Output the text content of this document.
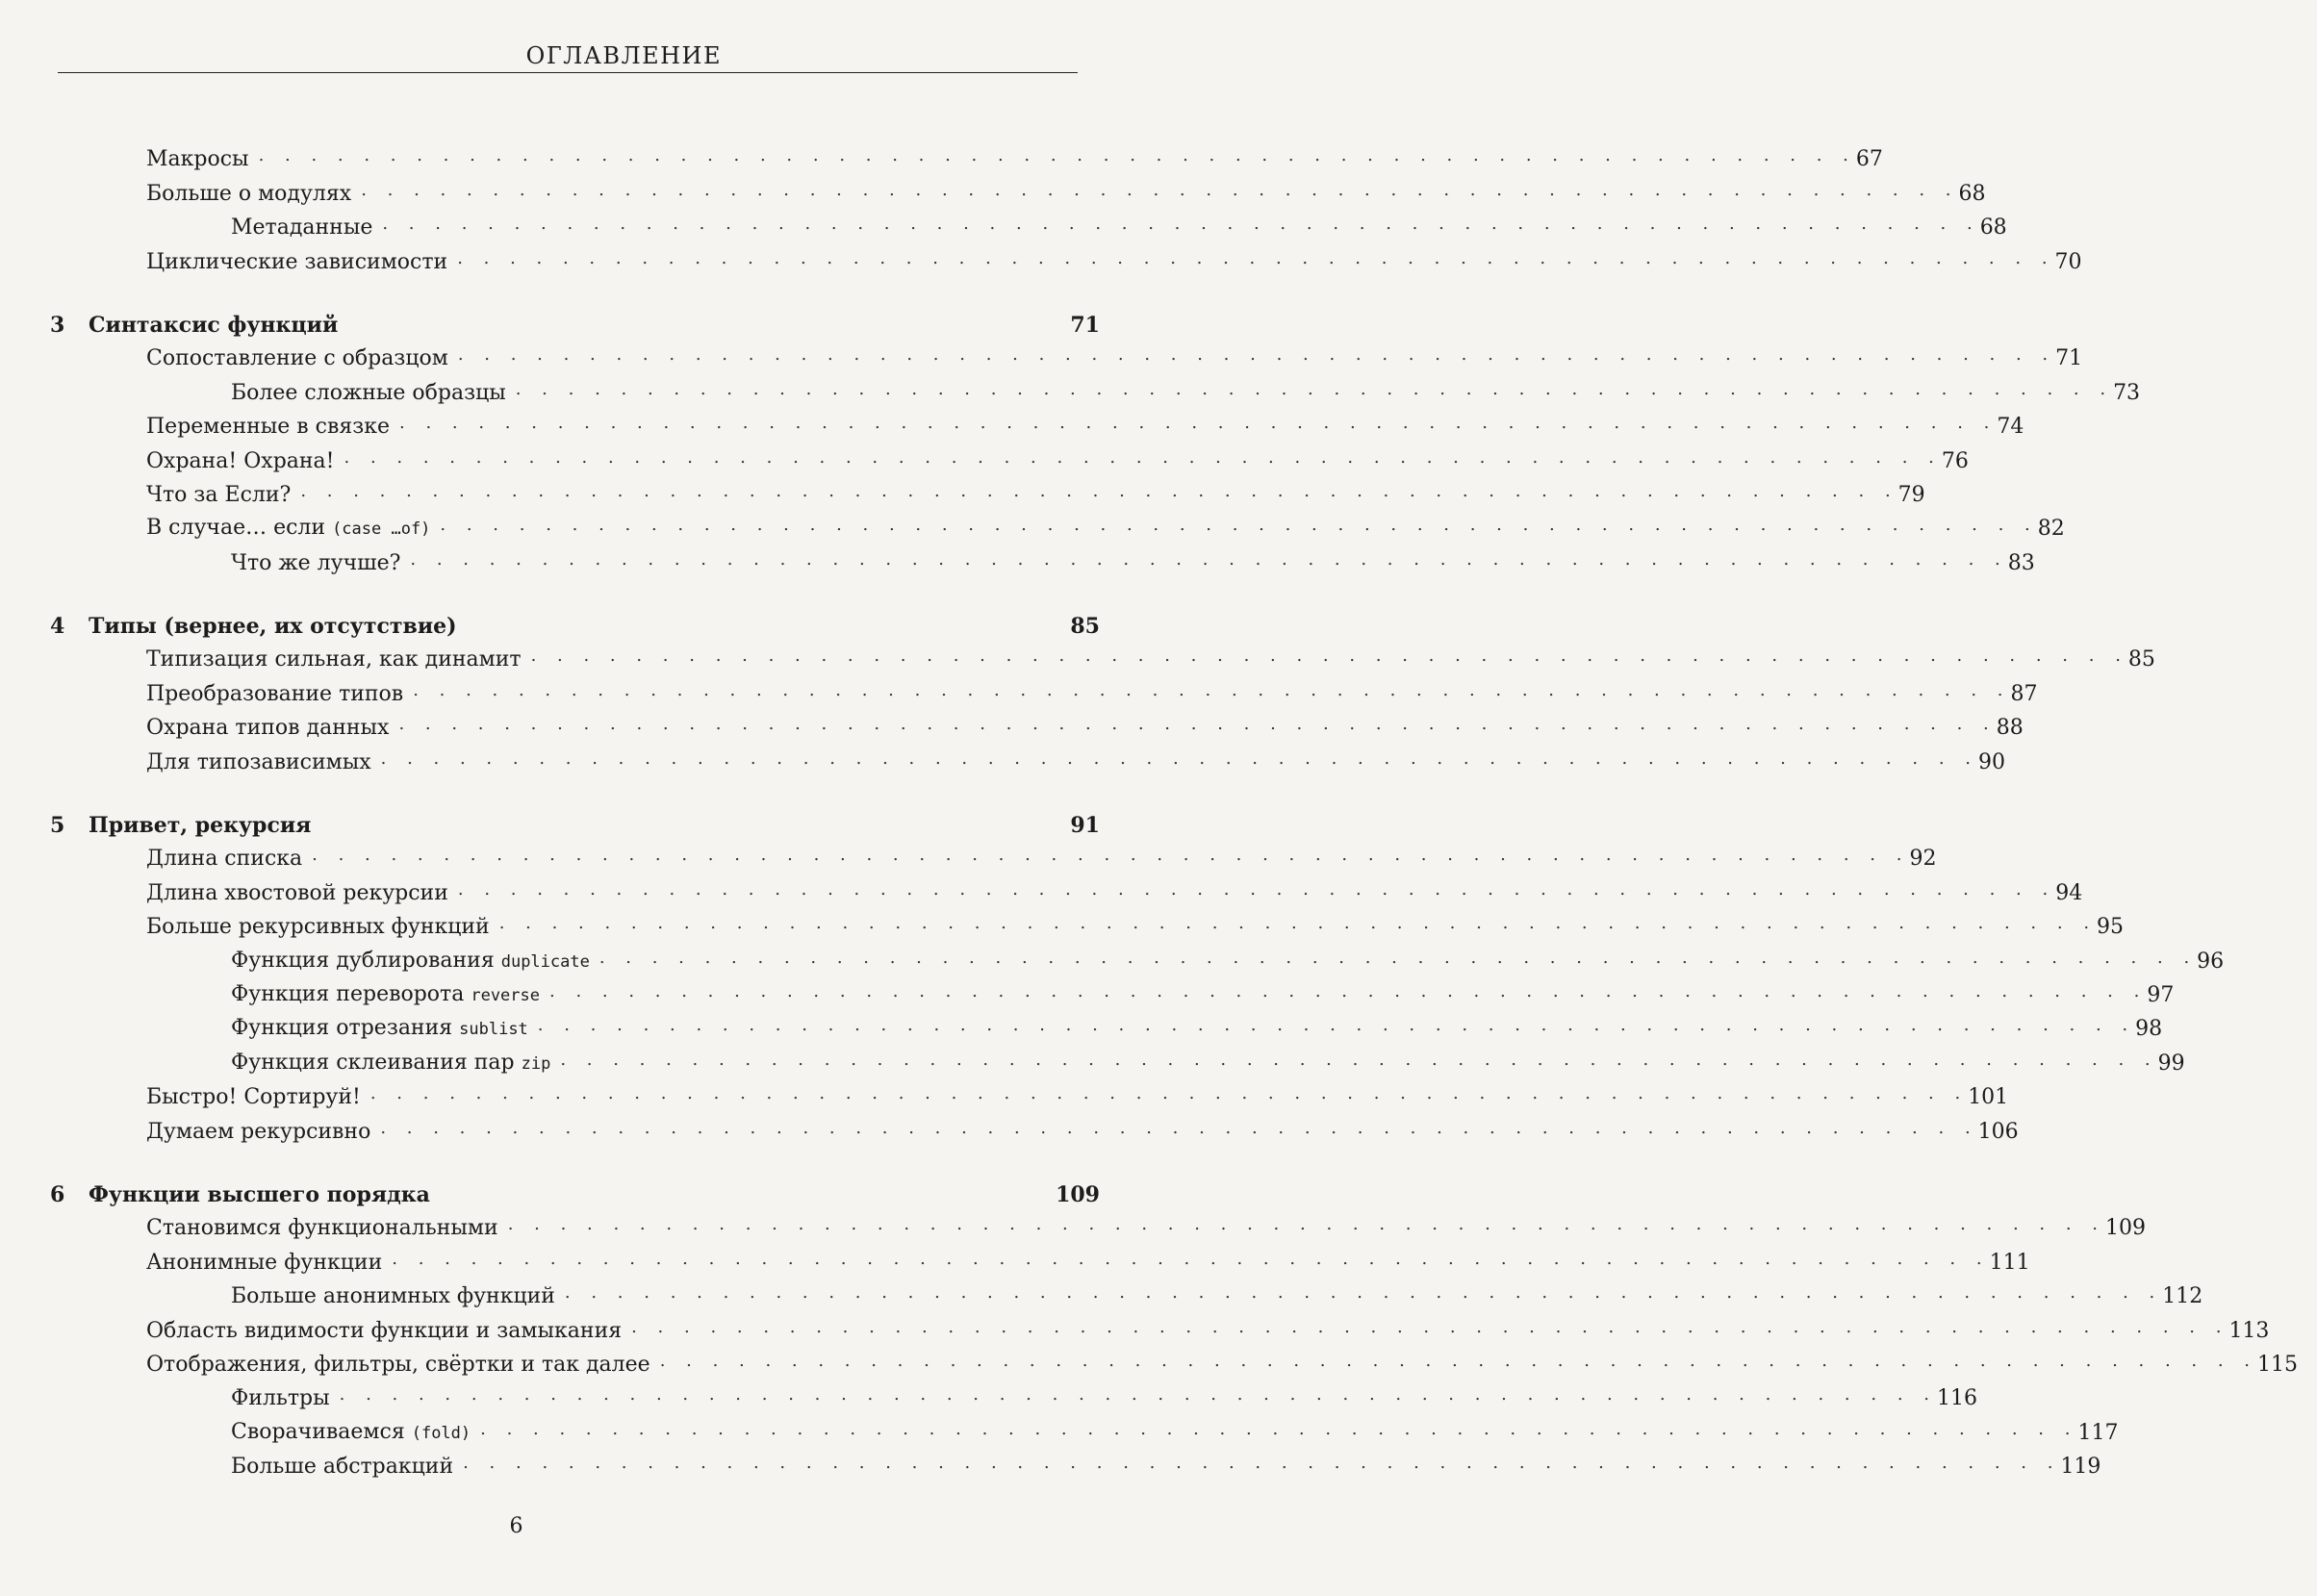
ОГЛАВЛЕНИЕ
Макросы . . . . . . . . . . . . . . . . . . . . . . . . . . . . . . . . . . . . . . . . . . . . . . . . . . . . . . . . . . . . . 67
Больше о модулях . . . . . . . . . . . . . . . . . . . . . . . . . . . . . . . . . . . . . . . . . . . . . . . . . . . . . . . . . . . . . 68
Метаданные . . . . . . . . . . . . . . . . . . . . . . . . . . . . . . . . . . . . . . . . . . . . . . . . . . . . . . . . . . . . . 68
Циклические зависимости . . . . . . . . . . . . . . . . . . . . . . . . . . . . . . . . . . . . . . . . . . . . . . . . . . . . . . . . . . . . . 70
3	Синтаксис функций	71
Сопоставление с образцом . . . . . . . . . . . . . . . . . . . . . . . . . . . . . . . . . . . . . . . . . . . . . . . . . . . . . . . . . . . . . 71
Более сложные образцы . . . . . . . . . . . . . . . . . . . . . . . . . . . . . . . . . . . . . . . . . . . . . . . . . . . . . . . . . . . . . 73
Переменные в связке . . . . . . . . . . . . . . . . . . . . . . . . . . . . . . . . . . . . . . . . . . . . . . . . . . . . . . . . . . . . . 74
Охрана! Охрана! . . . . . . . . . . . . . . . . . . . . . . . . . . . . . . . . . . . . . . . . . . . . . . . . . . . . . . . . . . . . . 76
Что за Если? . . . . . . . . . . . . . . . . . . . . . . . . . . . . . . . . . . . . . . . . . . . . . . . . . . . . . . . . . . . . . 79
В случае… если (case …of) . . . . . . . . . . . . . . . . . . . . . . . . . . . . . . . . . . . . . . . . . . . . . . . . . . . . . . . . . . . . . 82
Что же лучше? . . . . . . . . . . . . . . . . . . . . . . . . . . . . . . . . . . . . . . . . . . . . . . . . . . . . . . . . . . . . . 83
4	Типы (вернее, их отсутствие)	85
Типизация сильная, как динамит . . . . . . . . . . . . . . . . . . . . . . . . . . . . . . . . . . . . . . . . . . . . . . . . . . . . . . . . . . . . . 85
Преобразование типов . . . . . . . . . . . . . . . . . . . . . . . . . . . . . . . . . . . . . . . . . . . . . . . . . . . . . . . . . . . . . 87
Охрана типов данных . . . . . . . . . . . . . . . . . . . . . . . . . . . . . . . . . . . . . . . . . . . . . . . . . . . . . . . . . . . . . 88
Для типозависимых . . . . . . . . . . . . . . . . . . . . . . . . . . . . . . . . . . . . . . . . . . . . . . . . . . . . . . . . . . . . . 90
5	Привет, рекурсия	91
Длина списка . . . . . . . . . . . . . . . . . . . . . . . . . . . . . . . . . . . . . . . . . . . . . . . . . . . . . . . . . . . . . 92
Длина хвостовой рекурсии . . . . . . . . . . . . . . . . . . . . . . . . . . . . . . . . . . . . . . . . . . . . . . . . . . . . . . . . . . . . . 94
Больше рекурсивных функций . . . . . . . . . . . . . . . . . . . . . . . . . . . . . . . . . . . . . . . . . . . . . . . . . . . . . . . . . . . . . 95
Функция дублирования duplicate . . . . . . . . . . . . . . . . . . . . . . . . . . . . . . . . . . . . . . . . . . . . . . . . . . . . . . . . . . . . . 96
Функция переворота reverse . . . . . . . . . . . . . . . . . . . . . . . . . . . . . . . . . . . . . . . . . . . . . . . . . . . . . . . . . . . . . 97
Функция отрезания sublist . . . . . . . . . . . . . . . . . . . . . . . . . . . . . . . . . . . . . . . . . . . . . . . . . . . . . . . . . . . . . 98
Функция склеивания пар zip . . . . . . . . . . . . . . . . . . . . . . . . . . . . . . . . . . . . . . . . . . . . . . . . . . . . . . . . . . . . . 99
Быстро! Сортируй! . . . . . . . . . . . . . . . . . . . . . . . . . . . . . . . . . . . . . . . . . . . . . . . . . . . . . . . . . . . . . 101
Думаем рекурсивно . . . . . . . . . . . . . . . . . . . . . . . . . . . . . . . . . . . . . . . . . . . . . . . . . . . . . . . . . . . . . 106
6	Функции высшего порядка	109
Становимся функциональными . . . . . . . . . . . . . . . . . . . . . . . . . . . . . . . . . . . . . . . . . . . . . . . . . . . . . . . . . . . . . 109
Анонимные функции . . . . . . . . . . . . . . . . . . . . . . . . . . . . . . . . . . . . . . . . . . . . . . . . . . . . . . . . . . . . . 111
Больше анонимных функций . . . . . . . . . . . . . . . . . . . . . . . . . . . . . . . . . . . . . . . . . . . . . . . . . . . . . . . . . . . . . 112
Область видимости функции и замыкания . . . . . . . . . . . . . . . . . . . . . . . . . . . . . . . . . . . . . . . . . . . . . . . . . . . . . . . . . . . . . 113
Отображения, фильтры, свёртки и так далее . . . . . . . . . . . . . . . . . . . . . . . . . . . . . . . . . . . . . . . . . . . . . . . . . . . . . . . . . . . . . 115
Фильтры . . . . . . . . . . . . . . . . . . . . . . . . . . . . . . . . . . . . . . . . . . . . . . . . . . . . . . . . . . . . . 116
Сворачиваемся (fold) . . . . . . . . . . . . . . . . . . . . . . . . . . . . . . . . . . . . . . . . . . . . . . . . . . . . . . . . . . . . . 117
Больше абстракций . . . . . . . . . . . . . . . . . . . . . . . . . . . . . . . . . . . . . . . . . . . . . . . . . . . . . . . . . . . . . 119
6
